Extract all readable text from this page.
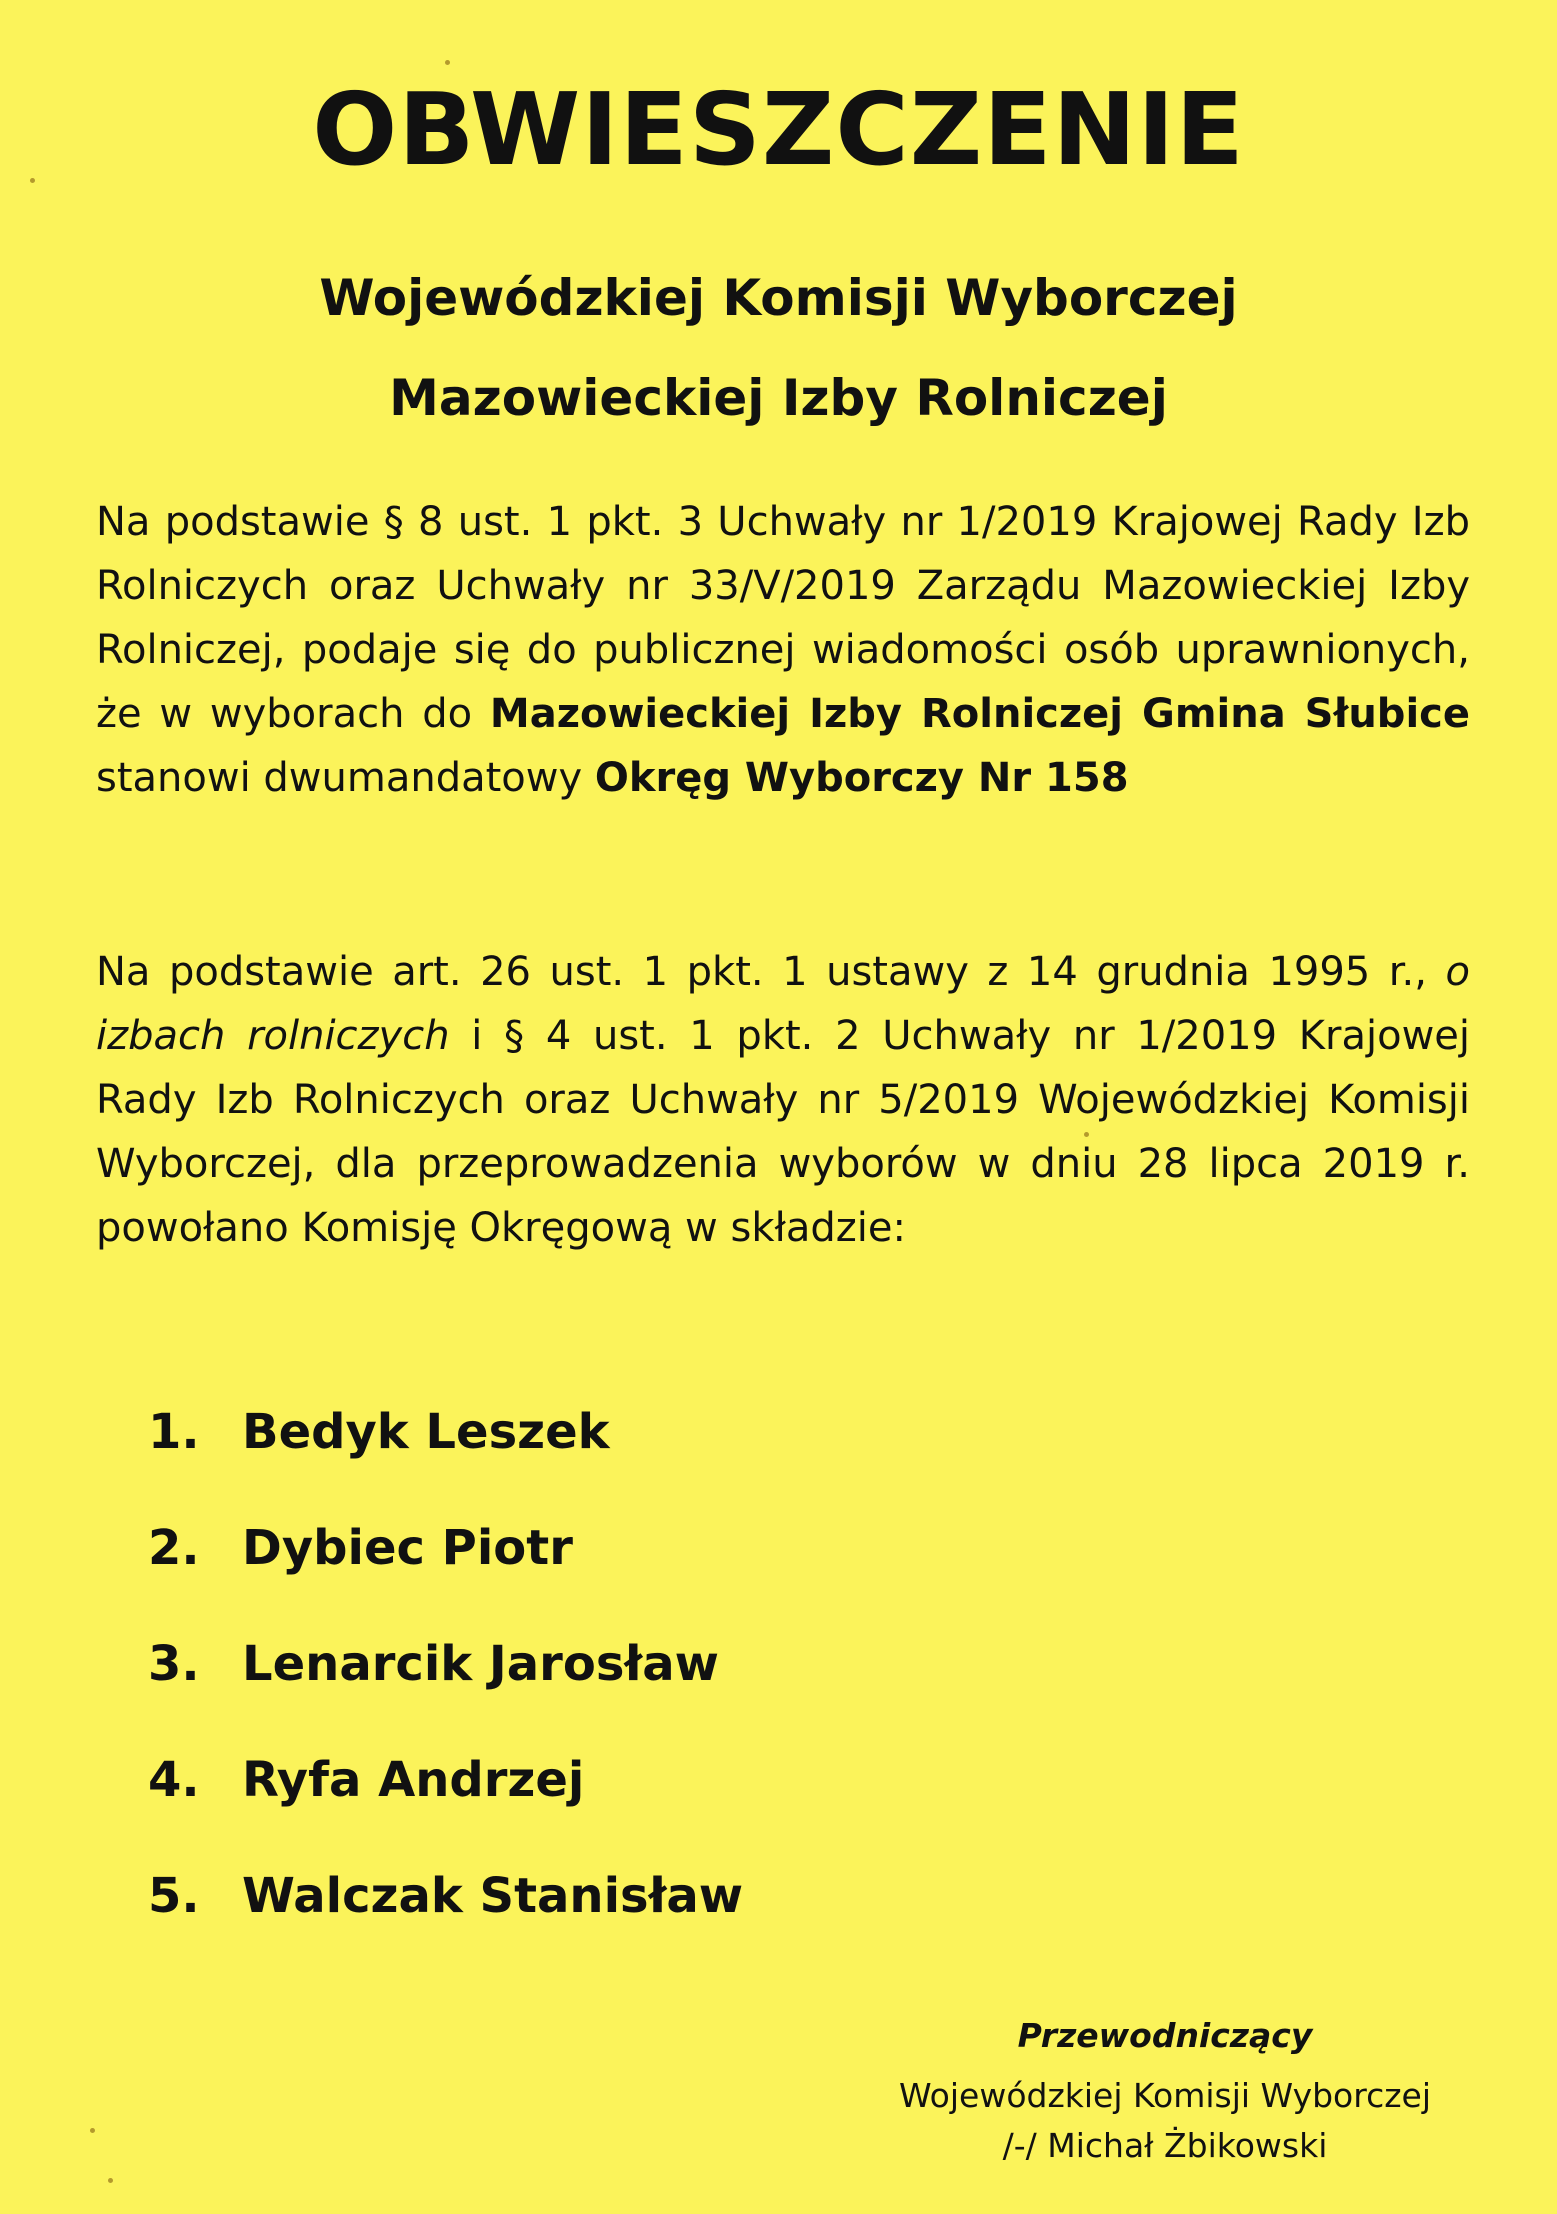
OBWIESZCZENIE
Wojewódzkiej Komisji Wyborczej
Mazowieckiej Izby Rolniczej
Na podstawie § 8 ust. 1 pkt. 3 Uchwały nr 1/2019 Krajowej Rady Izb Rolniczych oraz Uchwały nr 33/V/2019 Zarządu Mazowieckiej Izby Rolniczej, podaje się do publicznej wiadomości osób uprawnionych, że w wyborach do Mazowieckiej Izby Rolniczej Gmina Słubice stanowi dwumandatowy Okręg Wyborczy Nr 158
Na podstawie art. 26 ust. 1 pkt. 1 ustawy z 14 grudnia 1995 r., o izbach rolniczych i § 4 ust. 1 pkt. 2 Uchwały nr 1/2019 Krajowej Rady Izb Rolniczych oraz Uchwały nr 5/2019 Wojewódzkiej Komisji Wyborczej, dla przeprowadzenia wyborów w dniu 28 lipca 2019 r. powołano Komisję Okręgową w składzie:
1. Bedyk Leszek
2. Dybiec Piotr
3. Lenarcik Jarosław
4. Ryfa Andrzej
5. Walczak Stanisław
Przewodniczący
Wojewódzkiej Komisji Wyborczej
/-/ Michał Żbikowski
